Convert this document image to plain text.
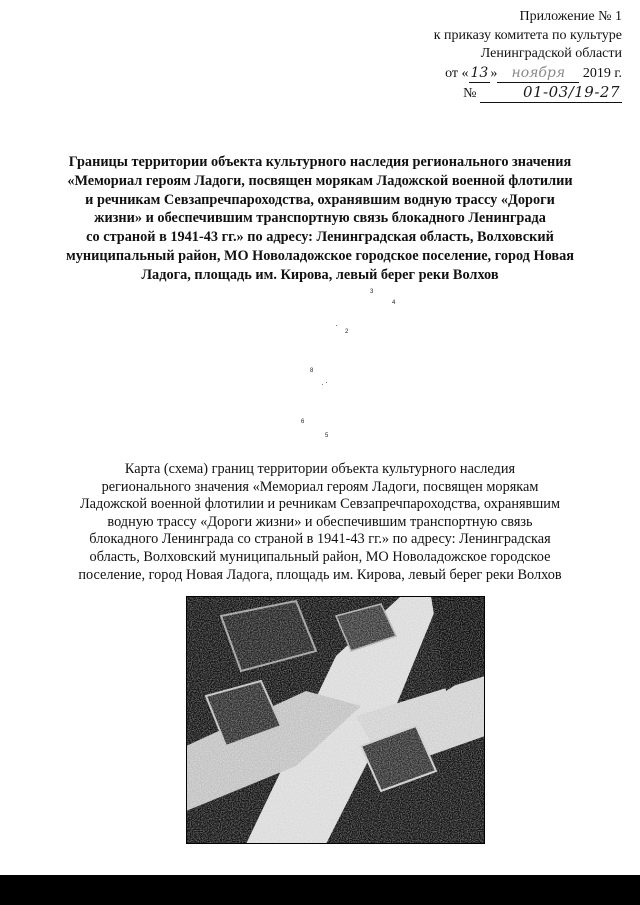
Приложение № 1
к приказу комитета по культуре
Ленинградской области
от « 13 » ноября 2019 г.
№	01-03/19-27
Границы территории объекта культурного наследия регионального значения
«Мемориал героям Ладоги, посвящен морякам Ладожской военной флотилии
и речникам Севзапречпароходства, охранявшим водную трассу «Дороги
жизни» и обеспечившим транспортную связь блокадного Ленинграда
со страной в 1941-43 гг.» по адресу: Ленинградская область, Волховский
муниципальный район, МО Новоладожское городское поселение, город Новая
Ладога, площадь им. Кирова, левый берег реки Волхов
3
4
2
8
6
5
Карта (схема) границ территории объекта культурного наследия
регионального значения «Мемориал героям Ладоги, посвящен морякам
Ладожской военной флотилии и речникам Севзапречпароходства, охранявшим
водную трассу «Дороги жизни» и обеспечившим транспортную связь
блокадного Ленинграда со страной в 1941-43 гг.» по адресу: Ленинградская
область, Волховский муниципальный район, МО Новоладожское городское
поселение, город Новая Ладога, площадь им. Кирова, левый берег реки Волхов
